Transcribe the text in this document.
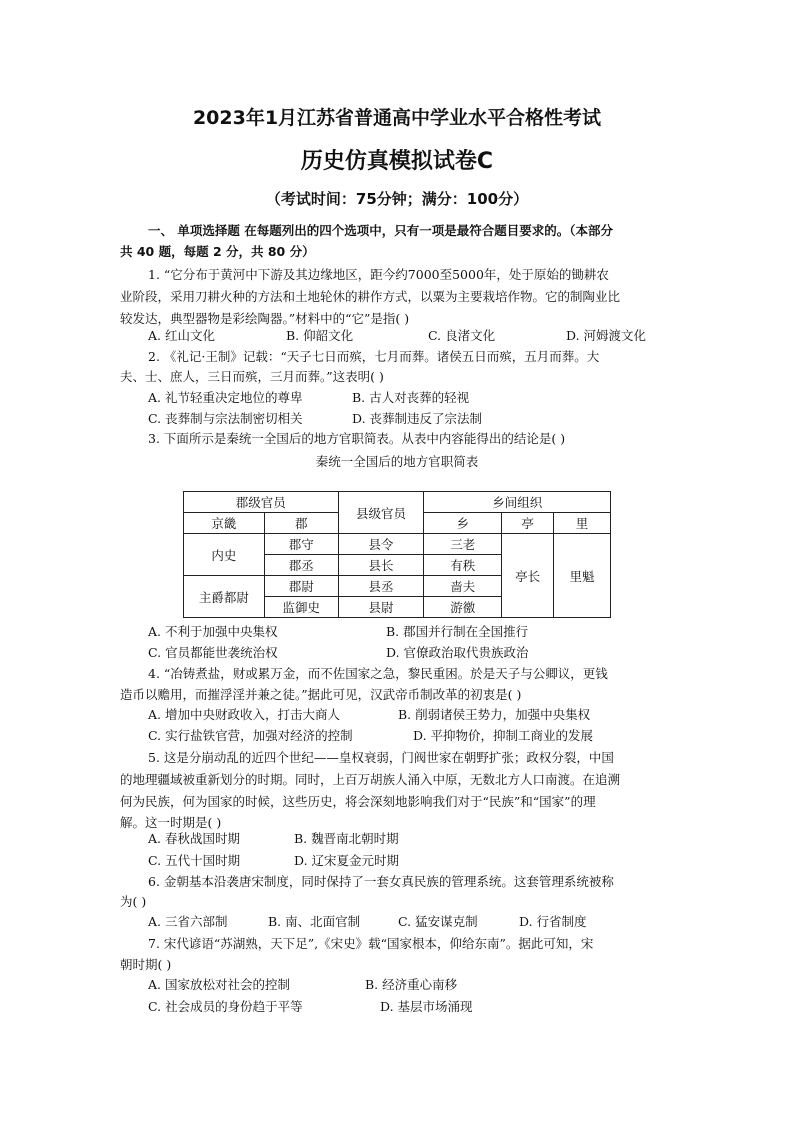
2023年1月江苏省普通高中学业水平合格性考试
历史仿真模拟试卷C
（考试时间：75分钟；满分：100分）
一、 单项选择题 在每题列出的四个选项中，只有一项是最符合题目要求的。（本部分
共 40 题，每题 2 分，共 80 分）
1. “它分布于黄河中下游及其边缘地区，距今约7000至5000年，处于原始的锄耕农
业阶段，采用刀耕火种的方法和土地轮休的耕作方式，以粟为主要栽培作物。它的制陶业比
较发达，典型器物是彩绘陶器。”材料中的“它”是指( )
A. 红山文化	B. 仰韶文化	C. 良渚文化	D. 河姆渡文化
2. 《礼记·王制》记载：“天子七日而殡，七月而葬。诸侯五日而殡，五月而葬。大
夫、士、庶人，三日而殡，三月而葬。”这表明( )
A. 礼节轻重决定地位的尊卑	B. 古人对丧葬的轻视
C. 丧葬制与宗法制密切相关	D. 丧葬制违反了宗法制
3. 下面所示是秦统一全国后的地方官职简表。从表中内容能得出的结论是( )
秦统一全国后的地方官职简表
郡级官员		县级官员	乡间组织		
京畿	郡		乡	亭	里
内史	郡守	县令	三老	亭长	里魁
	郡丞	县长	有秩		
主爵都尉	郡尉	县丞	啬夫		
	监御史	县尉	游徼		
A. 不利于加强中央集权	B. 郡国并行制在全国推行
C. 官员都能世袭统治权	D. 官僚政治取代贵族政治
4. “冶铸煮盐，财或累万金，而不佐国家之急，黎民重困。於是天子与公卿议，更钱
造币以赡用，而摧浮淫并兼之徒。”据此可见，汉武帝币制改革的初衷是( )
A. 增加中央财政收入，打击大商人	B. 削弱诸侯王势力，加强中央集权
C. 实行盐铁官营，加强对经济的控制	D. 平抑物价，抑制工商业的发展
5. 这是分崩动乱的近四个世纪——皇权衰弱，门阀世家在朝野扩张；政权分裂，中国
的地理疆域被重新划分的时期。同时，上百万胡族人涌入中原，无数北方人口南渡。在追溯
何为民族，何为国家的时候，这些历史，将会深刻地影响我们对于“民族”和“国家”的理
解。这一时期是( )
A. 春秋战国时期	B. 魏晋南北朝时期
C. 五代十国时期	D. 辽宋夏金元时期
6. 金朝基本沿袭唐宋制度，同时保持了一套女真民族的管理系统。这套管理系统被称
为( )
A. 三省六部制	B. 南、北面官制	C. 猛安谋克制	D. 行省制度
7. 宋代谚语“苏湖熟，天下足”,《宋史》载“国家根本，仰给东南”。据此可知，宋
朝时期( )
A. 国家放松对社会的控制	B. 经济重心南移
C. 社会成员的身份趋于平等	D. 基层市场涌现
